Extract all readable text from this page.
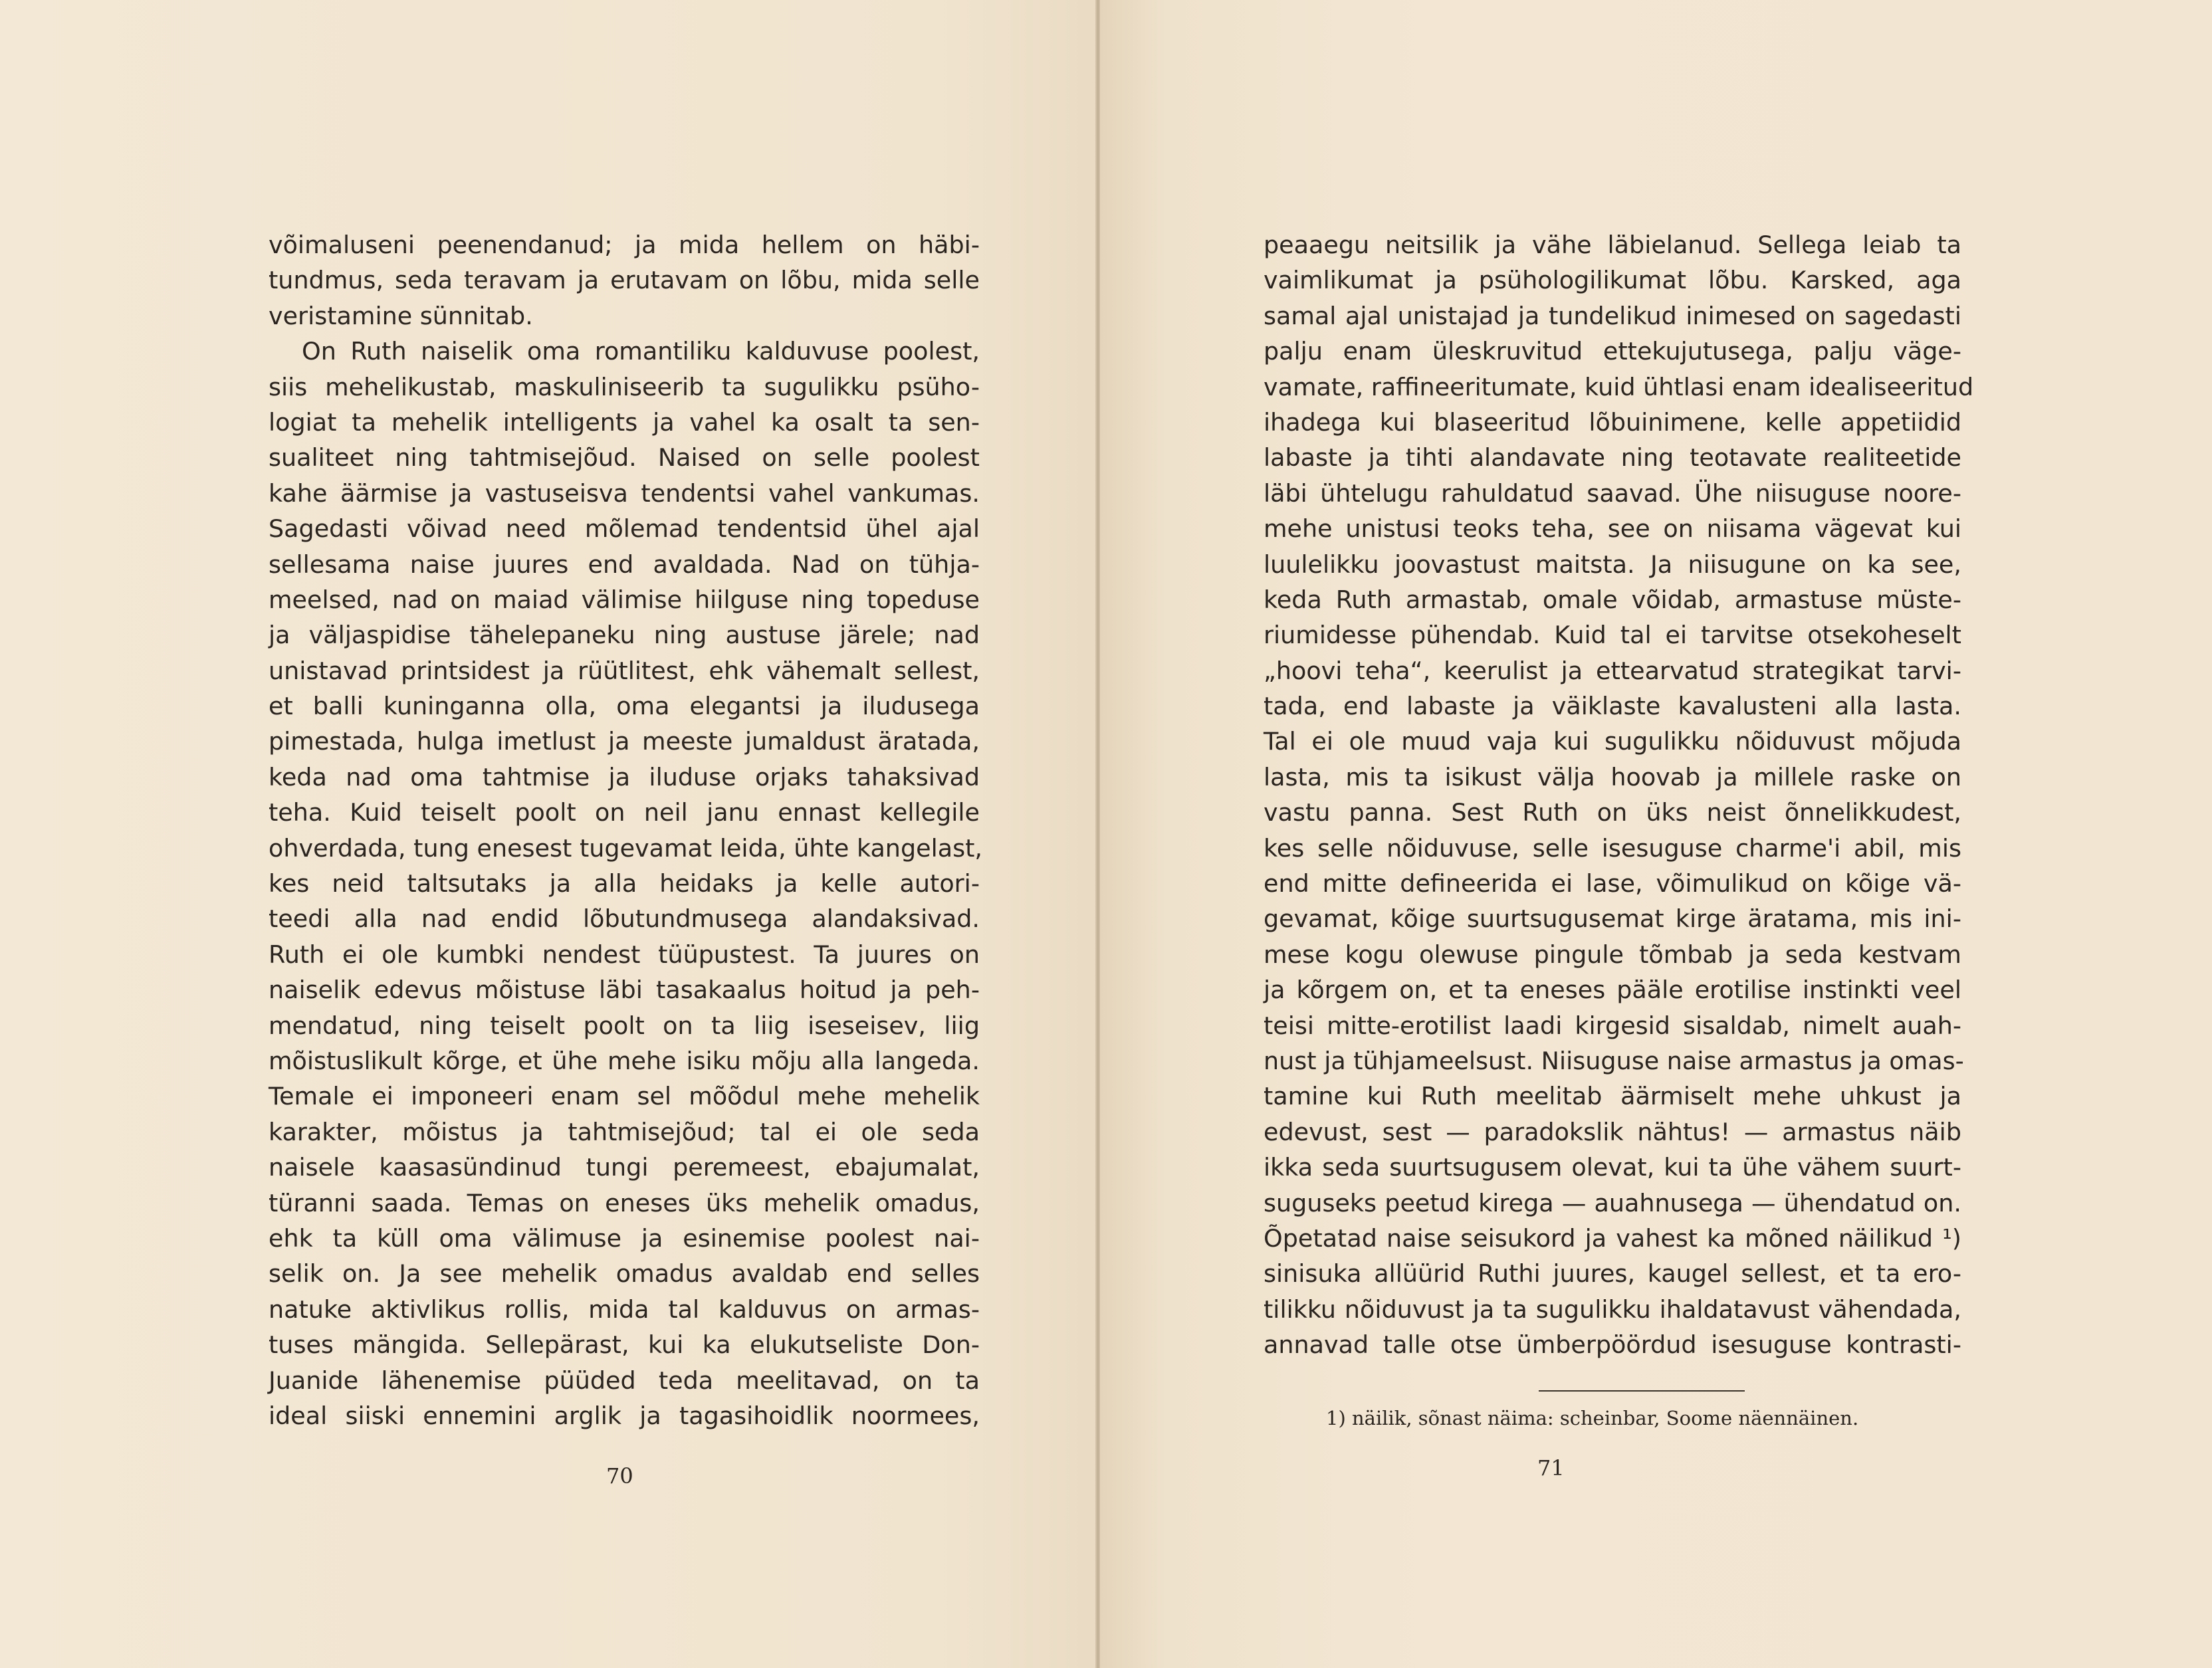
võimaluseni peenendanud; ja mida hellem on häbi-
tundmus, seda teravam ja erutavam on lõbu, mida selle
veristamine sünnitab.
On Ruth naiselik oma romantiliku kalduvuse poolest,
siis mehelikustab, maskuliniseerib ta sugulikku psüho-
logiat ta mehelik intelligents ja vahel ka osalt ta sen-
sualiteet ning tahtmisejõud. Naised on selle poolest
kahe äärmise ja vastuseisva tendentsi vahel vankumas.
Sagedasti võivad need mõlemad tendentsid ühel ajal
sellesama naise juures end avaldada. Nad on tühja-
meelsed, nad on maiad välimise hiilguse ning tореduse
ja väljaspidise tähelepaneku ning austuse järele; nad
unistavad printsidest ja rüütlitest, ehk vähemalt sellest,
et balli kuninganna olla, oma elegantsi ja iludusega
pimestada, hulga imetlust ja meeste jumaldust äratada,
keda nad oma tahtmise ja iluduse orjaks tahaksivad
teha. Kuid teiselt poolt on neil janu ennast kellegile
ohverdada, tung enesest tugevamat leida, ühte kangelast,
kes neid taltsutaks ja alla heidaks ja kelle autori-
teedi alla nad endid lõbutundmusega alandaksivad.
Ruth ei ole kumbki nendest tüüpustest. Ta juures on
naiselik edevus mõistuse läbi tasakaalus hoitud ja peh-
mendatud, ning teiselt poolt on ta liig iseseisev, liig
mõistuslikult kõrge, et ühe mehe isiku mõju alla langeda.
Temale ei imponeeri enam sel mõõdul mehe mehelik
karakter, mõistus ja tahtmisejõud; tal ei ole seda
naisele kaasasündinud tungi peremeest, ebajumalat,
türanni saada. Temas on eneses üks mehelik omadus,
ehk ta küll oma välimuse ja esinemise poolest nai-
selik on. Ja see mehelik omadus avaldab end selles
natuke aktivlikus rollis, mida tal kalduvus on armas-
tuses mängida. Sellepärast, kui ka elukutseliste Don-
Juanide lähenemise püüded teda meelitavad, on ta
ideal siiski ennemini arglik ja tagasihoidlik noormees,
70
peaaegu neitsilik ja vähe läbielanud. Sellega leiab ta
vaimlikumat ja psühologilikumat lõbu. Karsked, aga
samal ajal unistajad ja tundelikud inimesed on sagedasti
palju enam üleskruvitud ettekujutusega, palju väge-
vamate, raffineeritumate, kuid ühtlasi enam idealiseeritud
ihadega kui blaseeritud lõbuinimene, kelle appetiidid
labaste ja tihti alandavate ning teotavate realiteetide
läbi ühtelugu rahuldatud saavad. Ühe niisuguse noore-
mehe unistusi teoks teha, see on niisama vägevat kui
luulelikku joovastust maitsta. Ja niisugune on ka see,
keda Ruth armastab, omale võidab, armastuse müste-
riumidesse pühendab. Kuid tal ei tarvitse otsekoheselt
„hoovi teha“, keerulist ja ettearvatud strategikat tarvi-
tada, end labaste ja väiklaste kavalusteni alla lasta.
Tal ei ole muud vaja kui sugulikku nõiduvust mõjuda
lasta, mis ta isikust välja hoovab ja millele raske on
vastu panna. Sest Ruth on üks neist õnnelikkudest,
kes selle nõiduvuse, selle isesuguse charme'i abil, mis
end mitte defineerida ei lase, võimulikud on kõige vä-
gevamat, kõige suurtsugusemat kirge äratama, mis ini-
mese kogu olewuse pingule tõmbab ja seda kestvam
ja kõrgem on, et ta eneses pääle erotilise instinkti veel
teisi mitte-erotilist laadi kirgesid sisaldab, nimelt auah-
nust ja tühjameelsust. Niisuguse naise armastus ja omas-
tamine kui Ruth meelitab äärmiselt mehe uhkust ja
edevust, sest — paradokslik nähtus! — armastus näib
ikka seda suurtsugusem olevat, kui ta ühe vähem suurt-
suguseks peetud kirega — auahnusega — ühendatud on.
Õpetatad naise seisukord ja vahest ka mõned näilikud ¹)
sinisuka allüürid Ruthi juures, kaugel sellest, et ta ero-
tilikku nõiduvust ja ta sugulikku ihaldatavust vähendada,
annavad talle otse ümberpöördud isesuguse kontrasti-
1) näilik, sõnast näima: scheinbar, Soome näennäinen.
71
